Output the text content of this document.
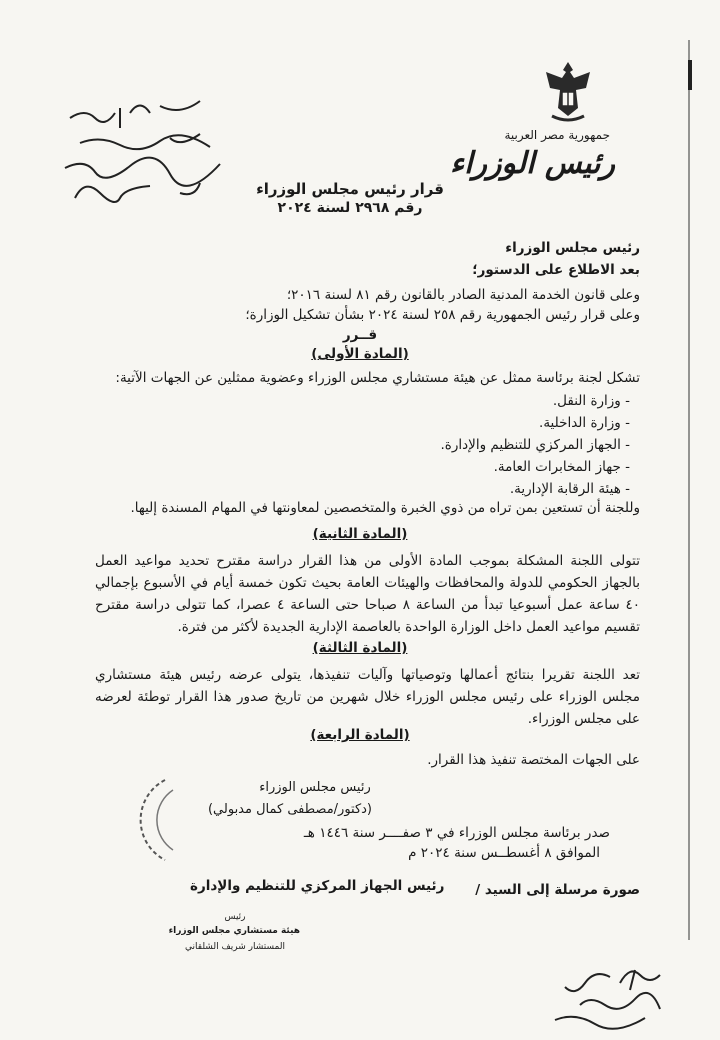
جمهورية مصر العربية
رئيس الوزراء
قرار رئيس مجلس الوزراء
رقم ٢٩٦٨ لسنة ٢٠٢٤
رئيس مجلس الوزراء
بعد الاطلاع على الدستور؛
وعلى قانون الخدمة المدنية الصادر بالقانون رقم ٨١ لسنة ٢٠١٦؛
وعلى قرار رئيس الجمهورية رقم ٢٥٨ لسنة ٢٠٢٤ بشأن تشكيل الوزارة؛
قــرر
(المادة الأولى)
تشكل لجنة برئاسة ممثل عن هيئة مستشاري مجلس الوزراء وعضوية ممثلين عن الجهات الآتية:
- وزارة النقل.
- وزارة الداخلية.
- الجهاز المركزي للتنظيم والإدارة.
- جهاز المخابرات العامة.
- هيئة الرقابة الإدارية.
وللجنة أن تستعين بمن تراه من ذوي الخبرة والمتخصصين لمعاونتها في المهام المسندة إليها.
(المادة الثانية)
تتولى اللجنة المشكلة بموجب المادة الأولى من هذا القرار دراسة مقترح تحديد مواعيد العمل بالجهاز الحكومي للدولة والمحافظات والهيئات العامة بحيث تكون خمسة أيام في الأسبوع بإجمالي ٤٠ ساعة عمل أسبوعيا تبدأ من الساعة ٨ صباحا حتى الساعة ٤ عصرا، كما تتولى دراسة مقترح تقسيم مواعيد العمل داخل الوزارة الواحدة بالعاصمة الإدارية الجديدة لأكثر من فترة.
(المادة الثالثة)
تعد اللجنة تقريرا بنتائج أعمالها وتوصياتها وآليات تنفيذها، يتولى عرضه رئيس هيئة مستشاري مجلس الوزراء على رئيس مجلس الوزراء خلال شهرين من تاريخ صدور هذا القرار توطئة لعرضه على مجلس الوزراء.
(المادة الرابعة)
على الجهات المختصة تنفيذ هذا القرار.
رئيس مجلس الوزراء
(دكتور/مصطفى كمال مدبولي)
صدر برئاسة مجلس الوزراء في ٣ صفــــر سنة ١٤٤٦ هـ
الموافق ٨ أغسطــس سنة ٢٠٢٤ م
رئيس الجهاز المركزي للتنظيم والإدارة صورة مرسلة إلى السيد /
رئيس
هيئة مستشاري مجلس الوزراء
المستشار شريف الشلقاني
